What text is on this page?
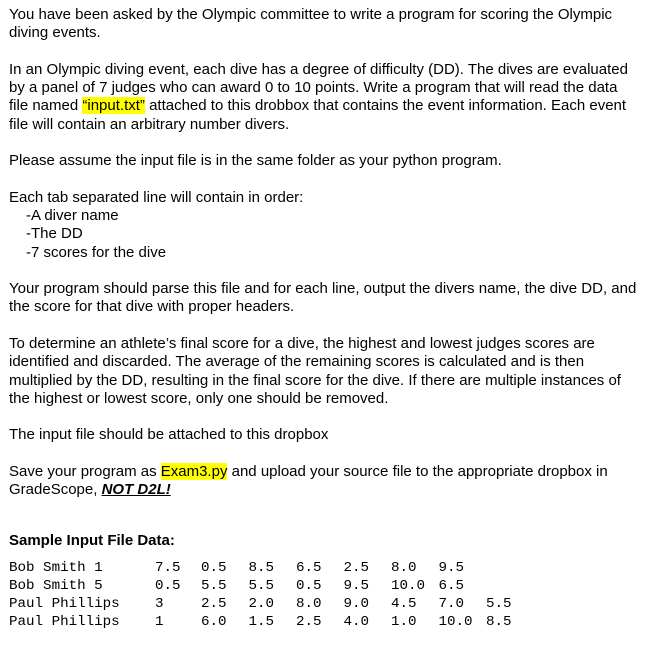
You have been asked by the Olympic committee to write a program for scoring the Olympic diving events.

In an Olympic diving event, each dive has a degree of difficulty (DD). The dives are evaluated by a panel of 7 judges who can award 0 to 10 points. Write a program that will read the data file named “input.txt” attached to this drobbox that contains the event information. Each event file will contain an arbitrary number divers.

Please assume the input file is in the same folder as your python program.

Each tab separated line will contain in order:

-A diver name

-The DD

-7 scores for the dive

Your program should parse this file and for each line, output the divers name, the dive DD, and the score for that dive with proper headers.

To determine an athlete’s final score for a dive, the highest and lowest judges scores are identified and discarded. The average of the remaining scores is calculated and is then multiplied by the DD, resulting in the final score for the dive. If there are multiple instances of the highest or lowest score, only one should be removed.

The input file should be attached to this dropbox

Save your program as Exam3.py and upload your source file to the appropriate dropbox in GradeScope, NOT D2L!

Sample Input File Data:

Bob Smith 1	7.5	0.5	8.5	6.5	2.5	8.0	9.5	
Bob Smith 5	0.5	5.5	5.5	0.5	9.5	10.0	6.5	
Paul Phillips	3	2.5	2.0	8.0	9.0	4.5	7.0	5.5
Paul Phillips	1	6.0	1.5	2.5	4.0	1.0	10.0	8.5
